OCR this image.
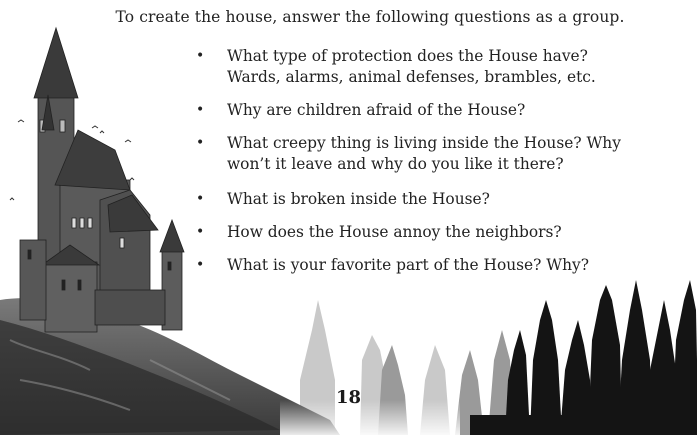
To create the house, answer the following questions as a group.
• What type of protection does the House have?
Wards, alarms, animal defenses, brambles, etc.
• Why are children afraid of the House?
• What creepy thing is living inside the House? Why
won’t it leave and why do you like it there?
• What is broken inside the House?
• How does the House annoy the neighbors?
• What is your favorite part of the House? Why?
18
